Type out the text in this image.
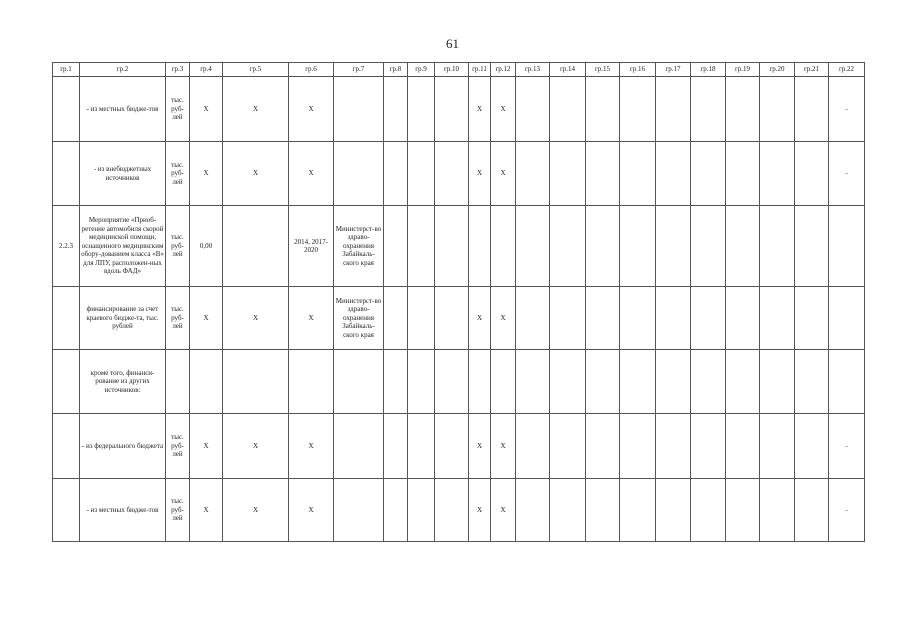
61
гр.1	гр.2	гр.3	гр.4	гр.5	гр.6	гр.7	гр.8	гр.9	гр.10	гр.11	гр.12	гр.13	гр.14	гр.15	гр.16	гр.17	гр.18	гр.19	гр.20	гр.21	гр.22
	- из местных бюдже-тов	тыс. руб-лей	X	X	X					X	X										-
	- из внебюджетных источников	тыс. руб-лей	X	X	X					X	X										-
2.2.3	Мероприятие «Приоб-ретение автомобиля скорой медицинской помощи, оснащенного медицинским обору-дованием класса «В» для ЛПУ, расположен-ных вдоль ФАД»	тыс. руб-лей	0,00		2014, 2017-2020	Министерст-во здраво-охранения Забайкаль-ского края															
	финансирование за счет краевого бюдже-та, тыс. рублей	тыс. руб-лей	X	X	X	Министерст-во здраво-охранения Забайкаль-ского края				X	X										
	кроме того, финанси-рование из других источников:																				
	- из федерального бюджета	тыс. руб-лей	X	X	X					X	X										-
	- из местных бюдже-тов	тыс. руб-лей	X	X	X					X	X										-
